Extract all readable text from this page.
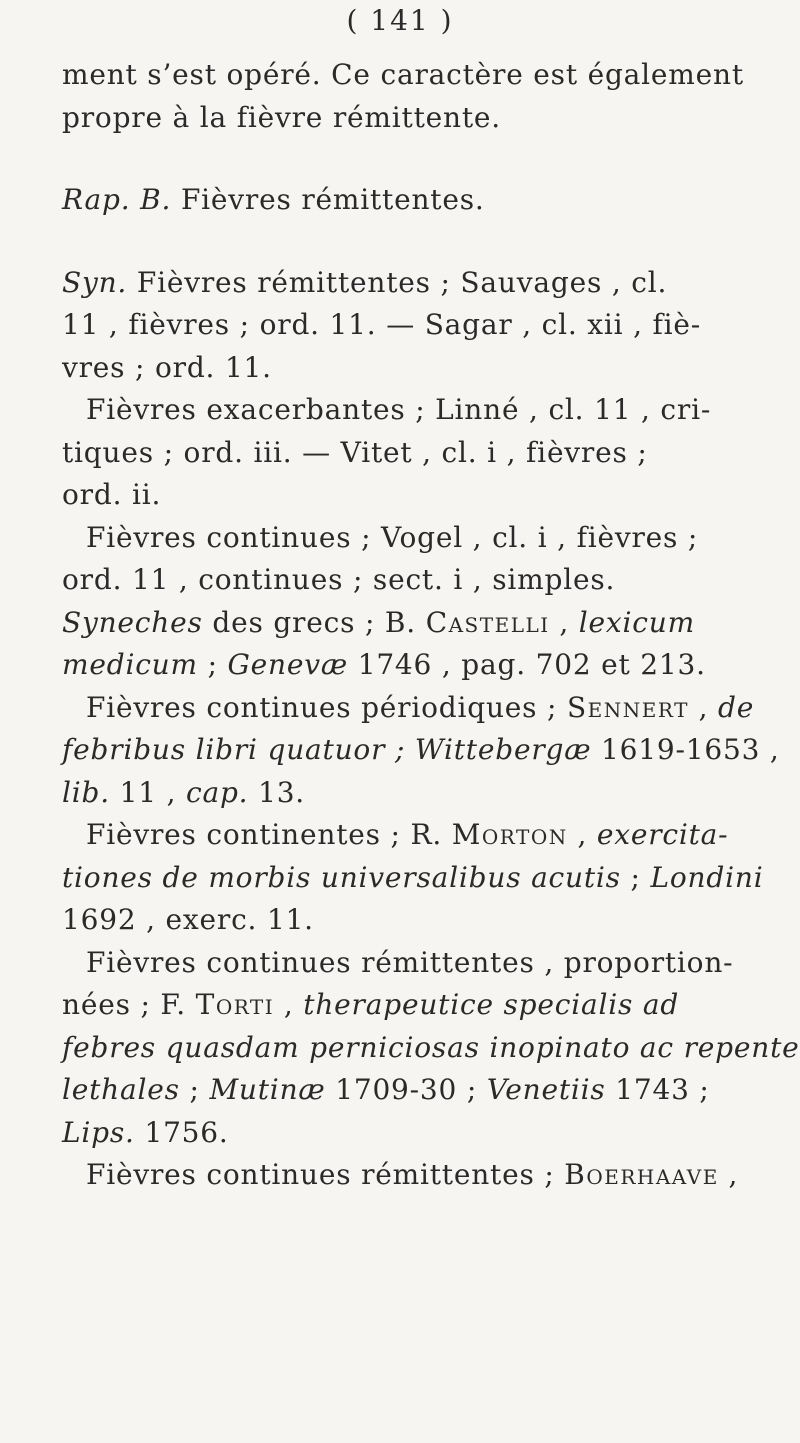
( 141 )
ment s’est opéré. Ce caractère est également
propre à la fièvre rémittente.
Rap. B. Fièvres rémittentes.
Syn. Fièvres rémittentes ; Sauvages , cl.
11 , fièvres ; ord. 11. — Sagar , cl. xii , fiè-
vres ; ord. 11.
Fièvres exacerbantes ; Linné , cl. 11 , cri-
tiques ; ord. iii. — Vitet , cl. i , fièvres ;
ord. ii.
Fièvres continues ; Vogel , cl. i , fièvres ;
ord. 11 , continues ; sect. i , simples.
Syneches des grecs ; B. Castelli , lexicum
medicum ; Genevæ 1746 , pag. 702 et 213.
Fièvres continues périodiques ; Sennert , de
febribus libri quatuor ; Wittebergæ 1619-1653 ,
lib. 11 , cap. 13.
Fièvres continentes ; R. Morton , exercita-
tiones de morbis universalibus acutis ; Londini
1692 , exerc. 11.
Fièvres continues rémittentes , proportion-
nées ; F. Torti , therapeutice specialis ad
febres quasdam perniciosas inopinato ac repente
lethales ; Mutinæ 1709-30 ; Venetiis 1743 ;
Lips. 1756.
Fièvres continues rémittentes ; Boerhaave ,
